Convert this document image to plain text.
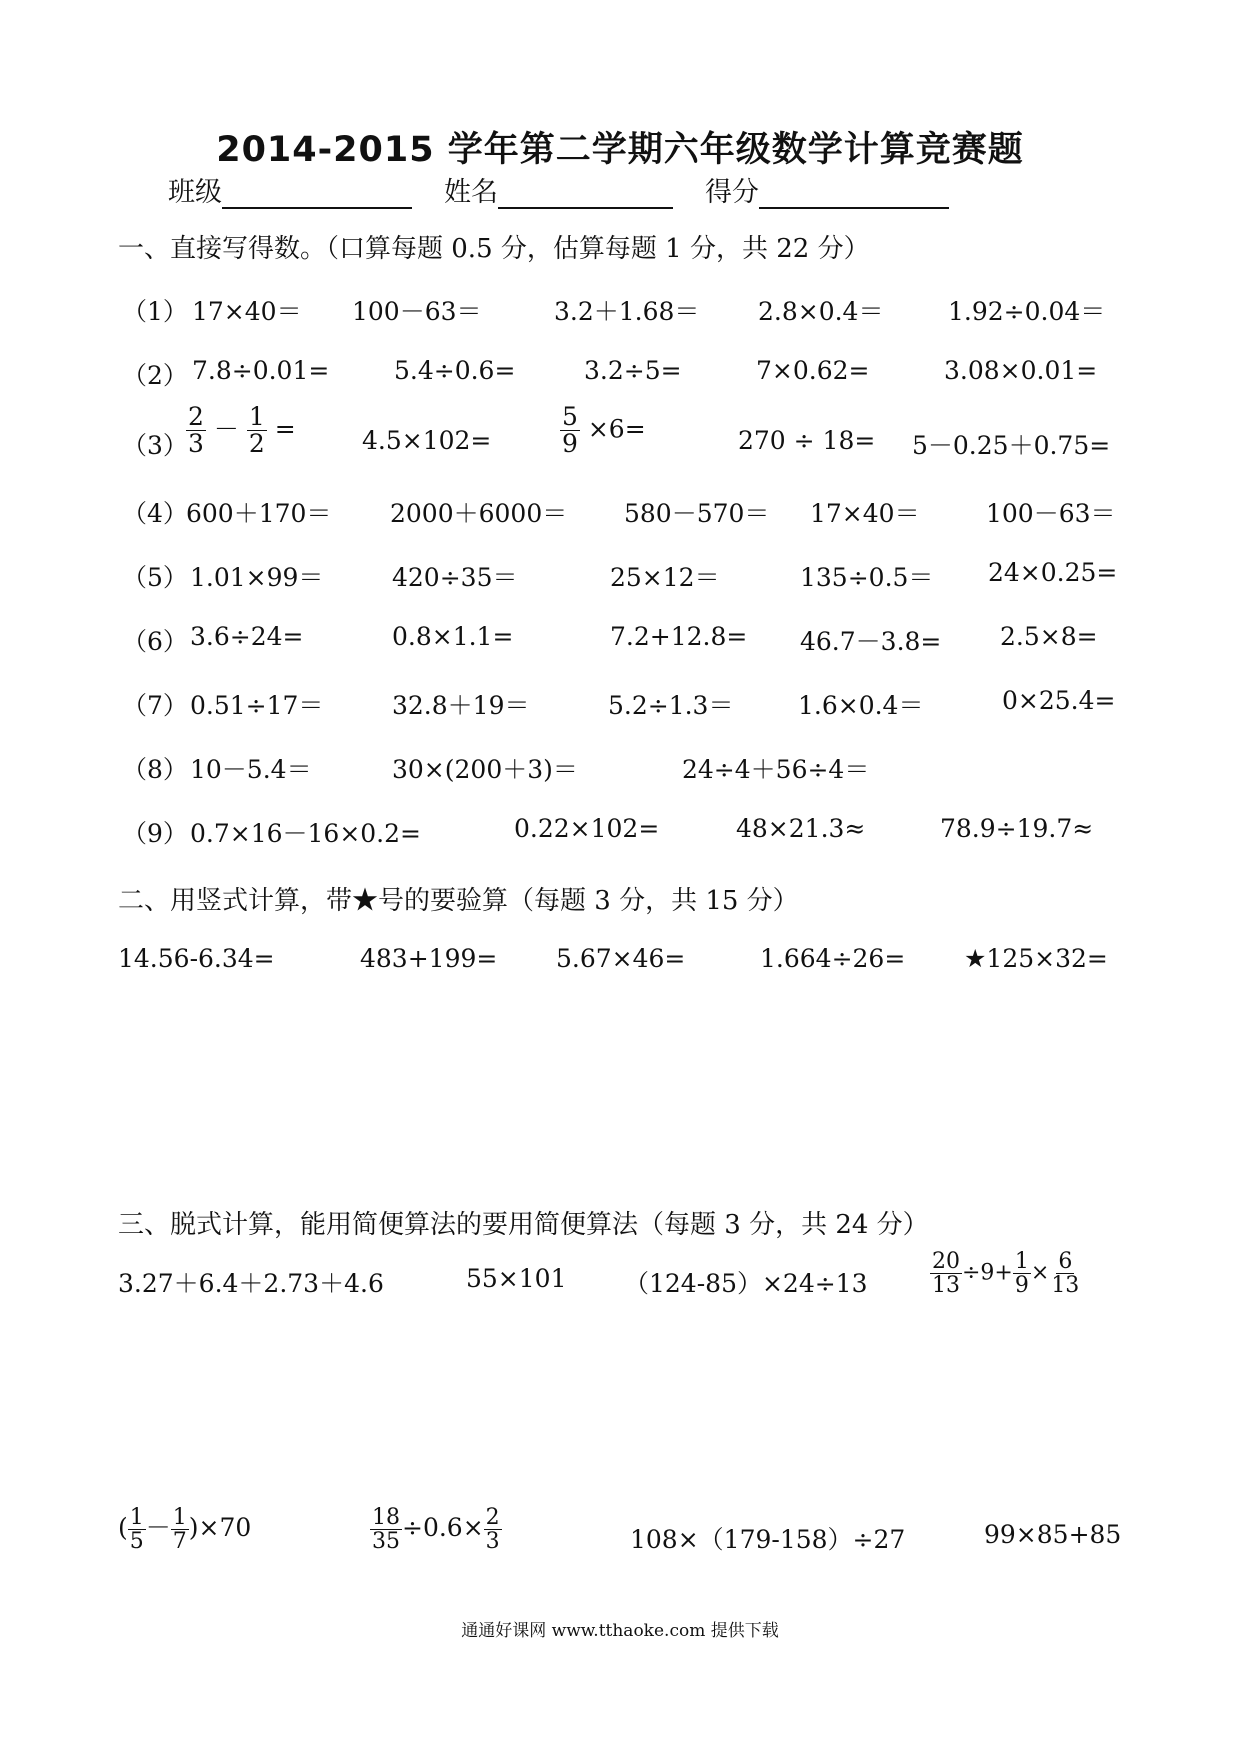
2014-2015 学年第二学期六年级数学计算竞赛题
班级	姓名	得分
一、直接写得数。（口算每题 0.5 分，估算每题 1 分，共 22 分）
（1） 17×40＝ 100－63＝	3.2＋1.68＝ 2.8×0.4＝	1.92÷0.04＝
（2） 7.8÷0.01=	5.4÷0.6=	3.2÷5=	7×0.62=	3.08×0.01=
（3）
$\frac{2}{3} - \frac{1}{2}$ =	4.5×102=	$\frac{5}{9} \times 6=$	270 ÷ 18= 5－0.25＋0.75=
（4）
600＋170＝ 2000＋6000＝ 580－570＝ 17×40＝	100－63＝
（5） 1.01×99＝	420÷35＝	25×12＝	135÷0.5＝ 24×0.25=
（6） 3.6÷24=	0.8×1.1=	7.2+12.8= 46.7－3.8= 2.5×8=
（7） 0.51÷17＝	32.8＋19＝	5.2÷1.3＝	1.6×0.4＝	0×25.4=
（8） 10－5.4＝	30×(200＋3)＝	24÷4＋56÷4＝
（9） 0.7×16－16×0.2=	0.22×102=	48×21.3≈	78.9÷19.7≈
二、用竖式计算，带★号的要验算（每题 3 分，共 15 分）
14.56-6.34=	483+199= 5.67×46=	1.664÷26= ★125×32=
三、脱式计算，能用简便算法的要用简便算法（每题 3 分，共 24 分）
3.27＋6.4＋2.73＋4.6	55×101 （124-85）×24÷13	$\frac{20}{13} \div 9+ \frac{1}{9} \times \frac{6}{13}$
( $\frac{1}{5} - \frac{1}{7} )\times 70$	$\frac{18}{35} \div 0.6\times \frac{2}{3}$	108×（179-158）÷27	99×85+85
通通好课网 www.tthaoke.com 提供下载
